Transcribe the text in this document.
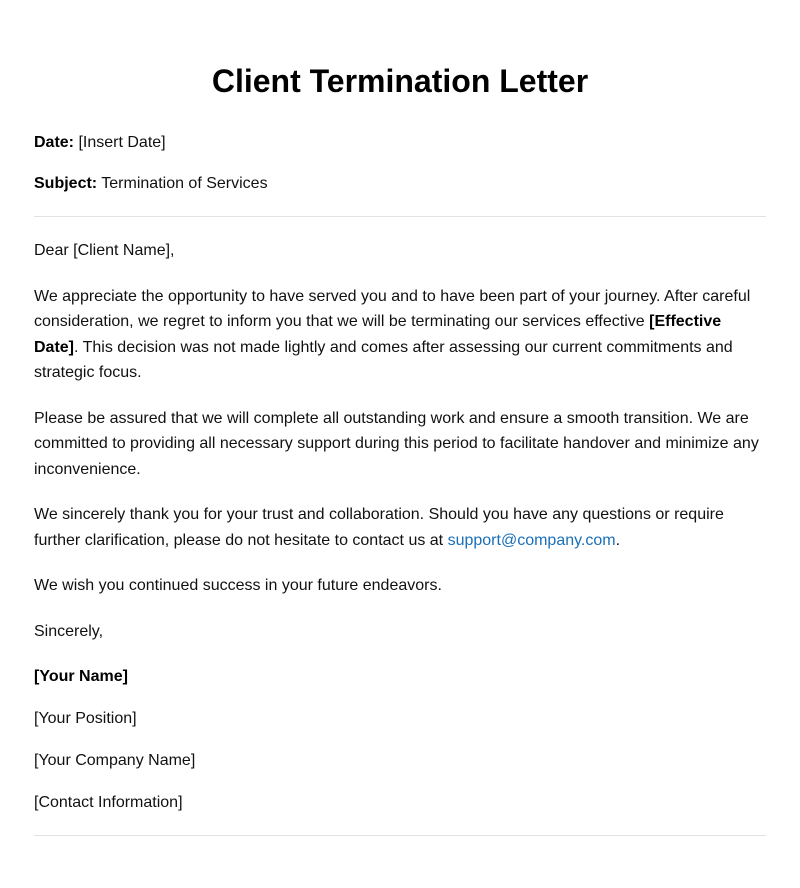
Client Termination Letter
Date: [Insert Date]
Subject: Termination of Services

Dear [Client Name],

We appreciate the opportunity to have served you and to have been part of your journey. After careful consideration, we regret to inform you that we will be terminating our services effective [Effective Date]. This decision was not made lightly and comes after assessing our current commitments and strategic focus.

Please be assured that we will complete all outstanding work and ensure a smooth transition. We are committed to providing all necessary support during this period to facilitate handover and minimize any inconvenience.

We sincerely thank you for your trust and collaboration. Should you have any questions or require further clarification, please do not hesitate to contact us at support@company.com.

We wish you continued success in your future endeavors.

Sincerely,

[Your Name]
[Your Position]
[Your Company Name]
[Contact Information]
